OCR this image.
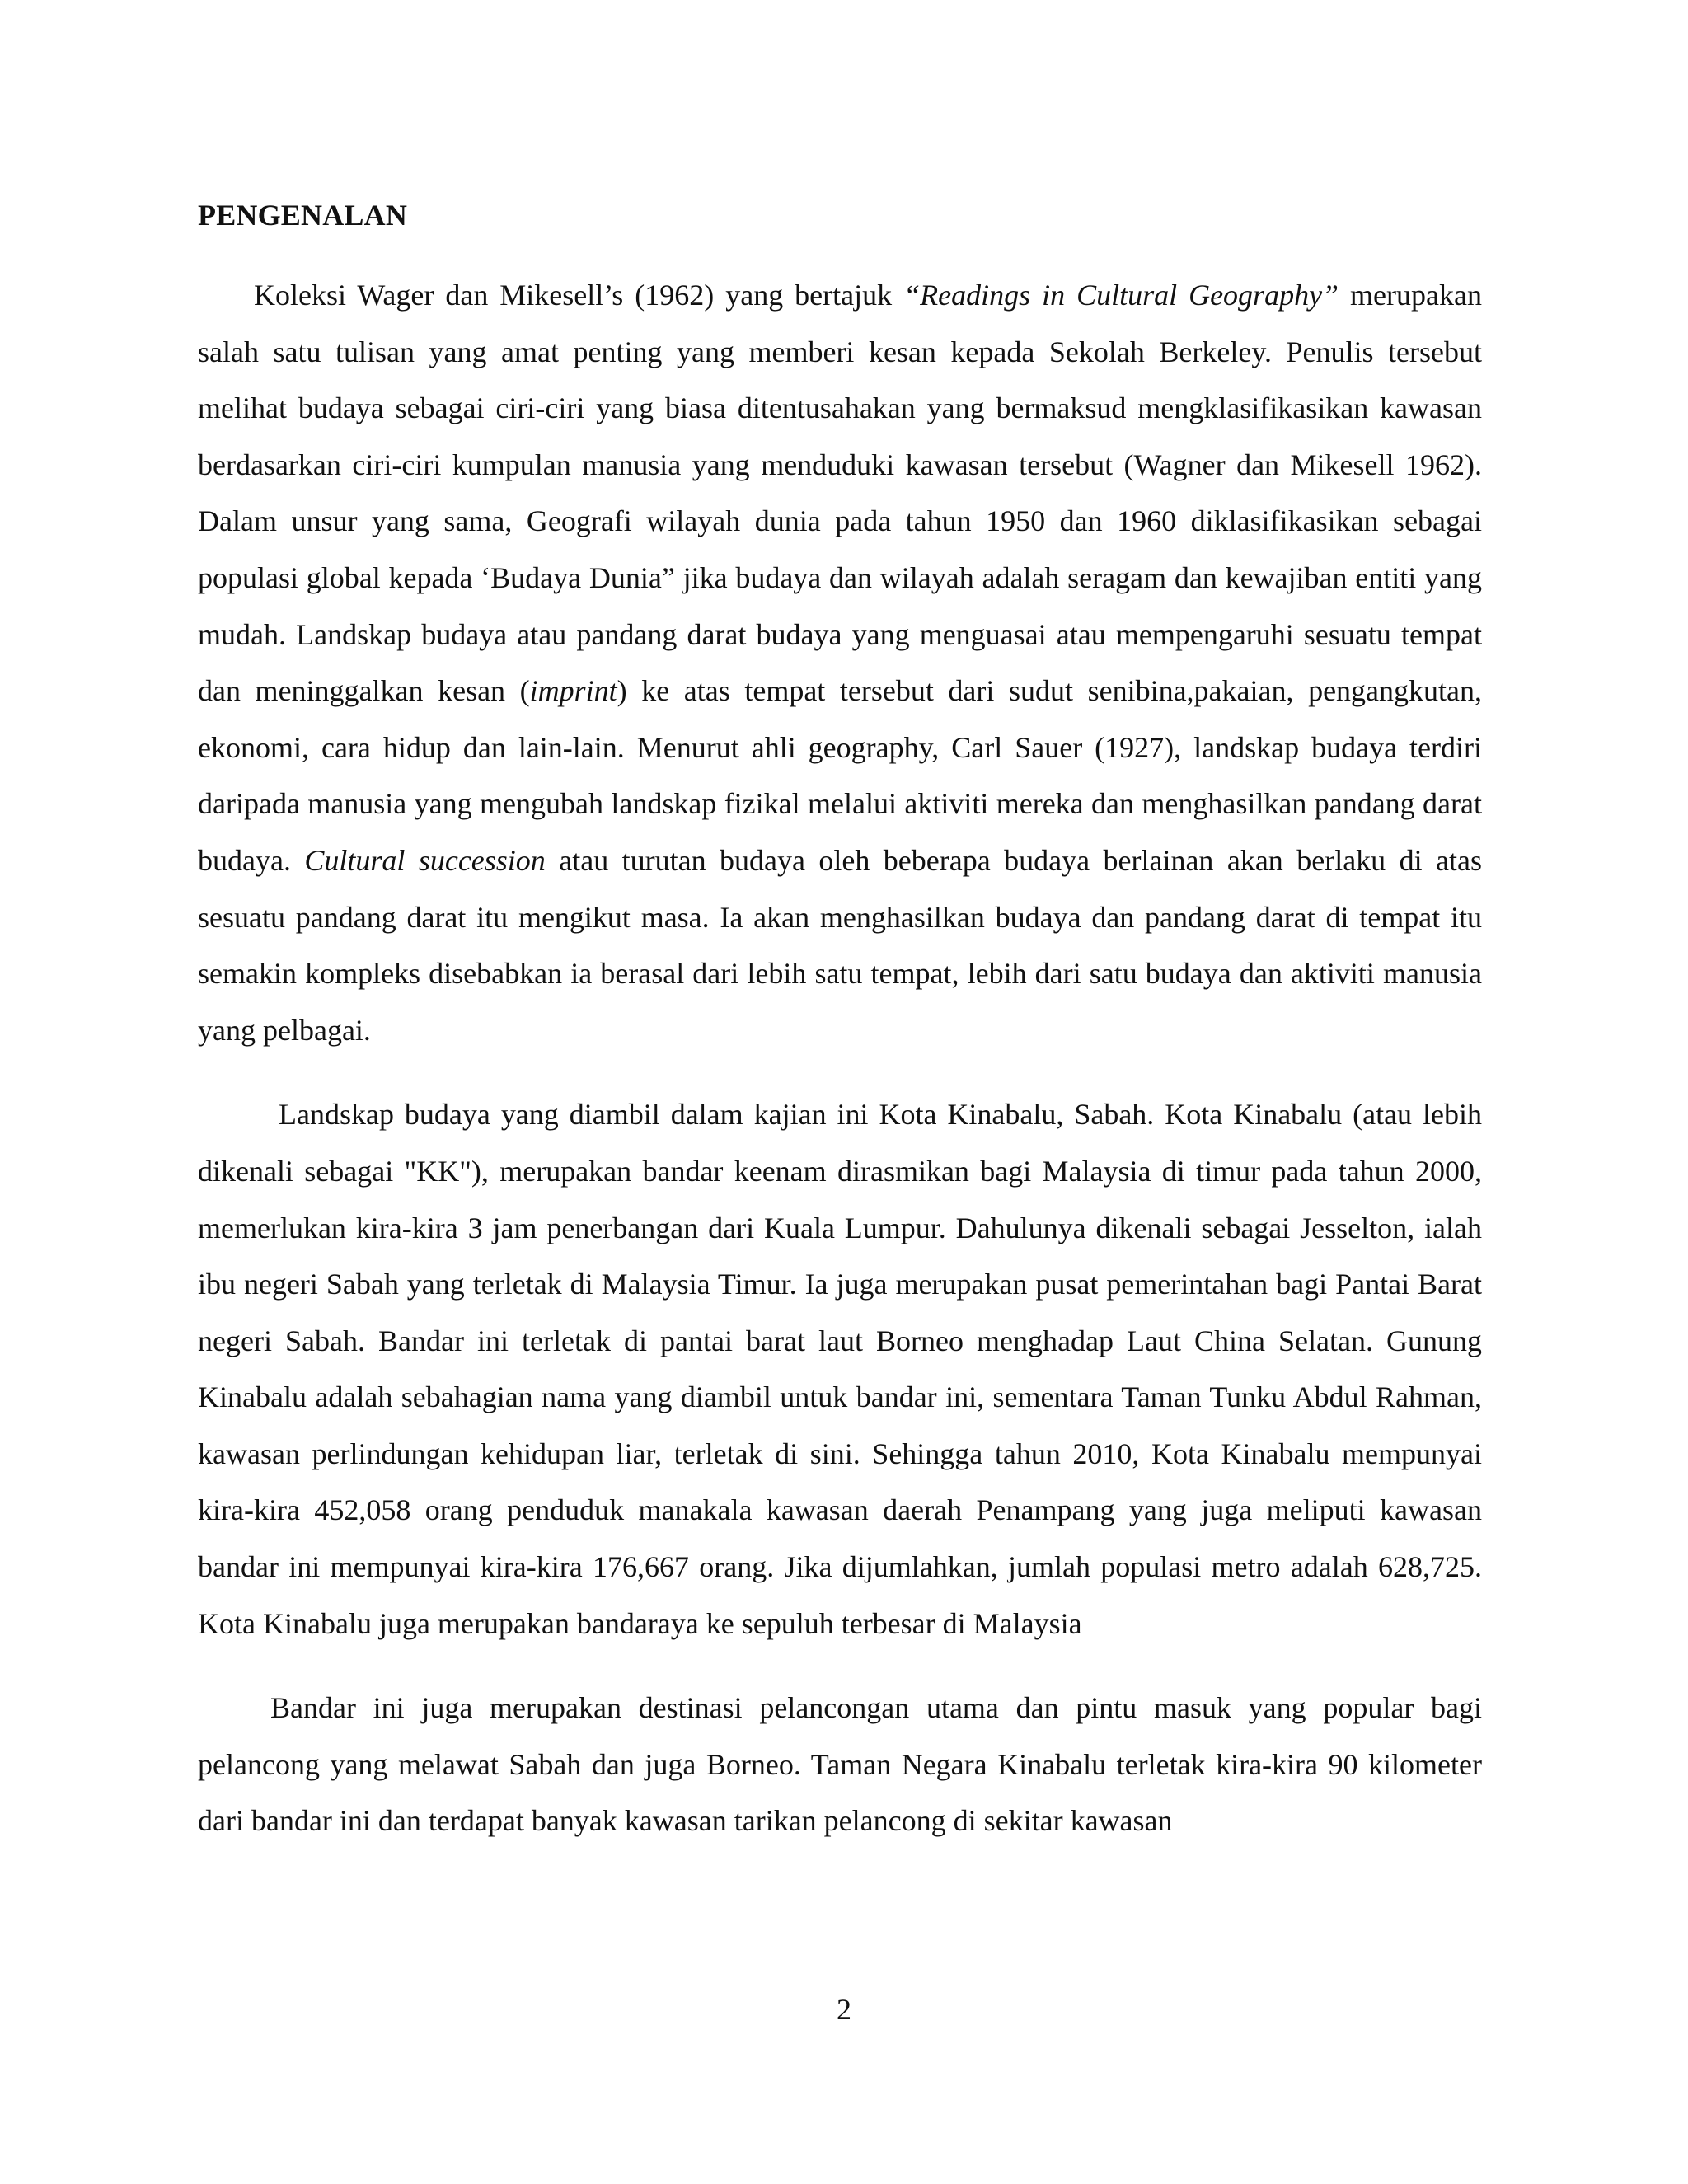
PENGENALAN

Koleksi Wager dan Mikesell’s (1962) yang bertajuk “Readings in Cultural Geography” merupakan salah satu tulisan yang amat penting yang memberi kesan kepada Sekolah Berkeley. Penulis tersebut melihat budaya sebagai ciri-ciri yang biasa ditentusahakan yang bermaksud mengklasifikasikan kawasan berdasarkan ciri-ciri kumpulan manusia yang menduduki kawasan tersebut (Wagner dan Mikesell 1962). Dalam unsur yang sama, Geografi wilayah dunia pada tahun 1950 dan 1960 diklasifikasikan sebagai populasi global kepada ‘Budaya Dunia” jika budaya dan wilayah adalah seragam dan kewajiban entiti yang mudah. Landskap budaya atau pandang darat budaya yang menguasai atau mempengaruhi sesuatu tempat dan meninggalkan kesan (imprint) ke atas tempat tersebut dari sudut senibina,pakaian, pengangkutan, ekonomi, cara hidup dan lain-lain. Menurut ahli geography, Carl Sauer (1927), landskap budaya terdiri daripada manusia yang mengubah landskap fizikal melalui aktiviti mereka dan menghasilkan pandang darat budaya. Cultural succession atau turutan budaya oleh beberapa budaya berlainan akan berlaku di atas sesuatu pandang darat itu mengikut masa. Ia akan menghasilkan budaya dan pandang darat di tempat itu semakin kompleks disebabkan ia berasal dari lebih satu tempat, lebih dari satu budaya dan aktiviti manusia yang pelbagai.

Landskap budaya yang diambil dalam kajian ini Kota Kinabalu, Sabah. Kota Kinabalu (atau lebih dikenali sebagai "KK"), merupakan bandar keenam dirasmikan bagi Malaysia di timur pada tahun 2000, memerlukan kira-kira 3 jam penerbangan dari Kuala Lumpur. Dahulunya dikenali sebagai Jesselton, ialah ibu negeri Sabah yang terletak di Malaysia Timur. Ia juga merupakan pusat pemerintahan bagi Pantai Barat negeri Sabah. Bandar ini terletak di pantai barat laut Borneo menghadap Laut China Selatan. Gunung Kinabalu adalah sebahagian nama yang diambil untuk bandar ini, sementara Taman Tunku Abdul Rahman, kawasan perlindungan kehidupan liar, terletak di sini. Sehingga tahun 2010, Kota Kinabalu mempunyai kira-kira 452,058 orang penduduk manakala kawasan daerah Penampang yang juga meliputi kawasan bandar ini mempunyai kira-kira 176,667 orang. Jika dijumlahkan, jumlah populasi metro adalah 628,725. Kota Kinabalu juga merupakan bandaraya ke sepuluh terbesar di Malaysia

Bandar ini juga merupakan destinasi pelancongan utama dan pintu masuk yang popular bagi pelancong yang melawat Sabah dan juga Borneo. Taman Negara Kinabalu terletak kira-kira 90 kilometer dari bandar ini dan terdapat banyak kawasan tarikan pelancong di sekitar kawasan

2
